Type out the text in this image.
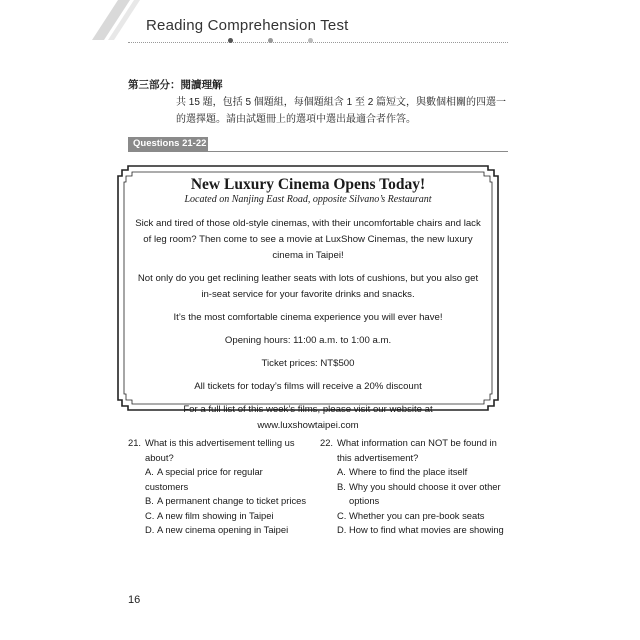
Reading Comprehension Test
第三部分：閱讀理解
共 15 題，包括 5 個題組，每個題組含 1 至 2 篇短文，與數個相關的四選一的選擇題。請由試題冊上的選項中選出最適合者作答。
Questions 21-22

New Luxury Cinema Opens Today!

Located on Nanjing East Road, opposite Silvano’s Restaurant

Sick and tired of those old-style cinemas, with their uncomfortable chairs and lack of leg room? Then come to see a movie at LuxShow Cinemas, the new luxury cinema in Taipei!

Not only do you get reclining leather seats with lots of cushions, but you also get in-seat service for your favorite drinks and snacks.

It’s the most comfortable cinema experience you will ever have!

Opening hours: 11:00 a.m. to 1:00 a.m.

Ticket prices: NT$500

All tickets for today’s films will receive a 20% discount

For a full list of this week’s films, please visit our website at www.luxshowtaipei.com

21. What is this advertisement telling us about?
A. A special price for regular customers
B. A permanent change to ticket prices
C. A new film showing in Taipei
D. A new cinema opening in Taipei
22. What information can NOT be found in this advertisement?
A. Where to find the place itself
B. Why you should choose it over other options
C. Whether you can pre-book seats
D. How to find what movies are showing
16
